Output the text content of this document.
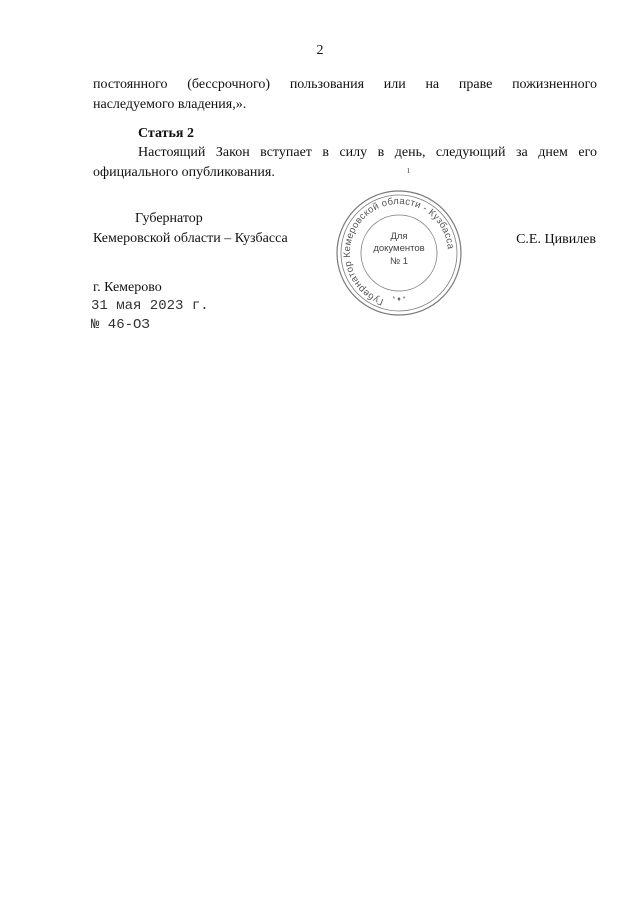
2
постоянного (бессрочного) пользования или на праве пожизненного
наследуемого владения,».
Статья 2
Настоящий Закон вступает в силу в день, следующий за днем его
официального опубликования.
Губернатор
Кемеровской области – Кузбасса	С.Е. Цивилев
Губернатор Кемеровской области - Кузбасса
* ♦ *
Для
документов
№ 1
г. Кемерово
31 мая 2023 г.
№ 46-ОЗ
ı
